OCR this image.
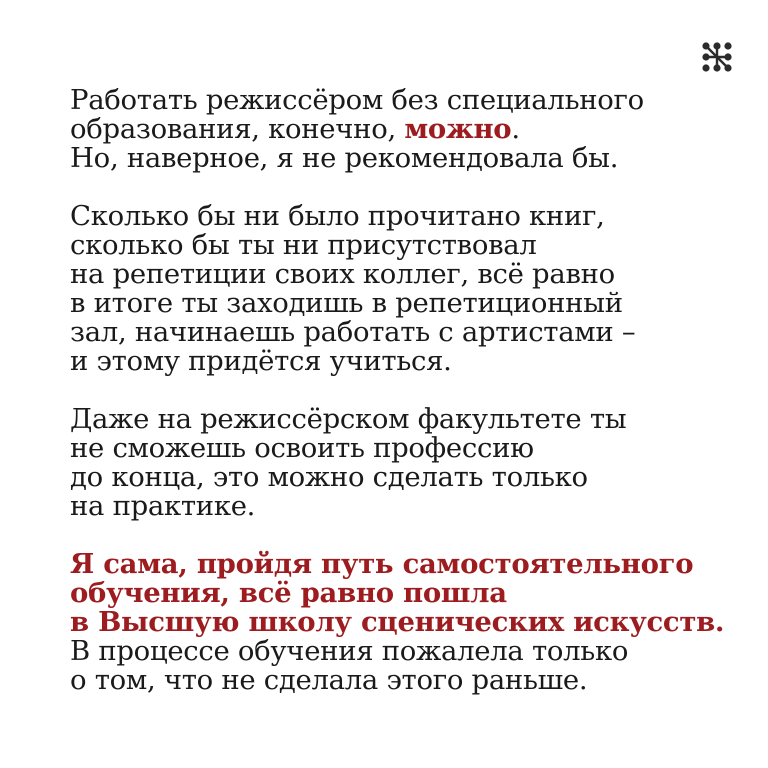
Работать режиссёром без специального
образования, конечно, можно.
Но, наверное, я не рекомендовала бы.

Сколько бы ни было прочитано книг,
сколько бы ты ни присутствовал
на репетиции своих коллег, всё равно
в итоге ты заходишь в репетиционный
зал, начинаешь работать с артистами –
и этому придётся учиться.

Даже на режиссёрском факультете ты
не сможешь освоить профессию
до конца, это можно сделать только
на практике.

Я сама, пройдя путь самостоятельного
обучения, всё равно пошла
в Высшую школу сценических искусств.
В процессе обучения пожалела только
о том, что не сделала этого раньше.
